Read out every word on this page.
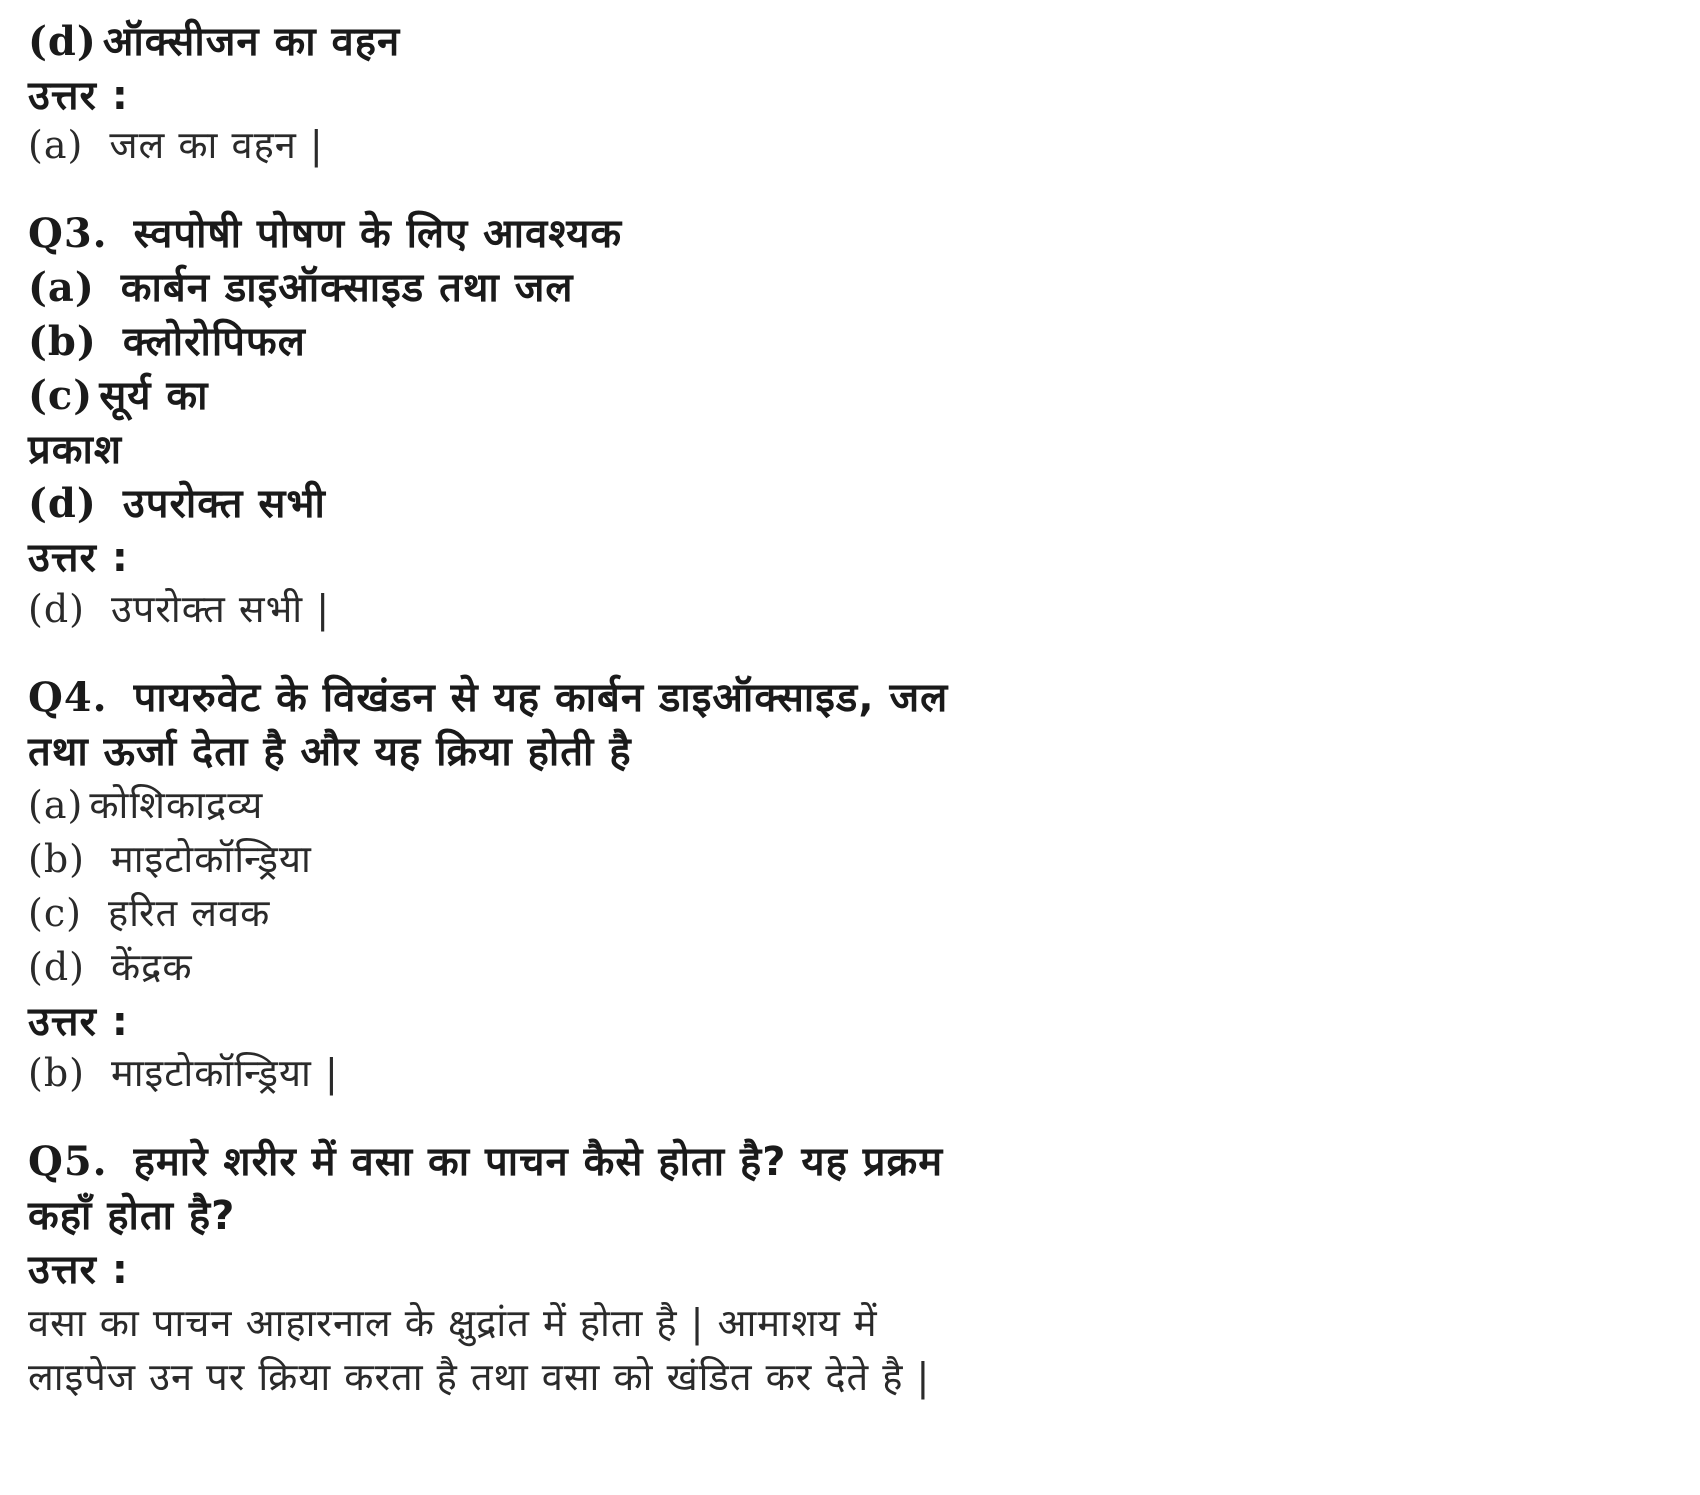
(d) ऑक्सीजन का वहन
उत्तर :
(a) जल का वहन |
Q3. स्वपोषी पोषण के लिए आवश्यक
(a) कार्बन डाइऑक्साइड तथा जल
(b) क्लोरोपिफल
(c) सूर्य का
प्रकाश
(d) उपरोक्त सभी
उत्तर :
(d) उपरोक्त सभी |
Q4. पायरुवेट के विखंडन से यह कार्बन डाइऑक्साइड, जल
तथा ऊर्जा देता है और यह क्रिया होती है
(a) कोशिकाद्रव्य
(b) माइटोकॉन्ड्रिया
(c) हरित लवक
(d) केंद्रक
उत्तर :
(b) माइटोकॉन्ड्रिया |
Q5. हमारे शरीर में वसा का पाचन कैसे होता है? यह प्रक्रम
कहाँ होता है?
उत्तर :
वसा का पाचन आहारनाल के क्षुद्रांत में होता है | आमाशय में
लाइपेज उन पर क्रिया करता है तथा वसा को खंडित कर देते है |
